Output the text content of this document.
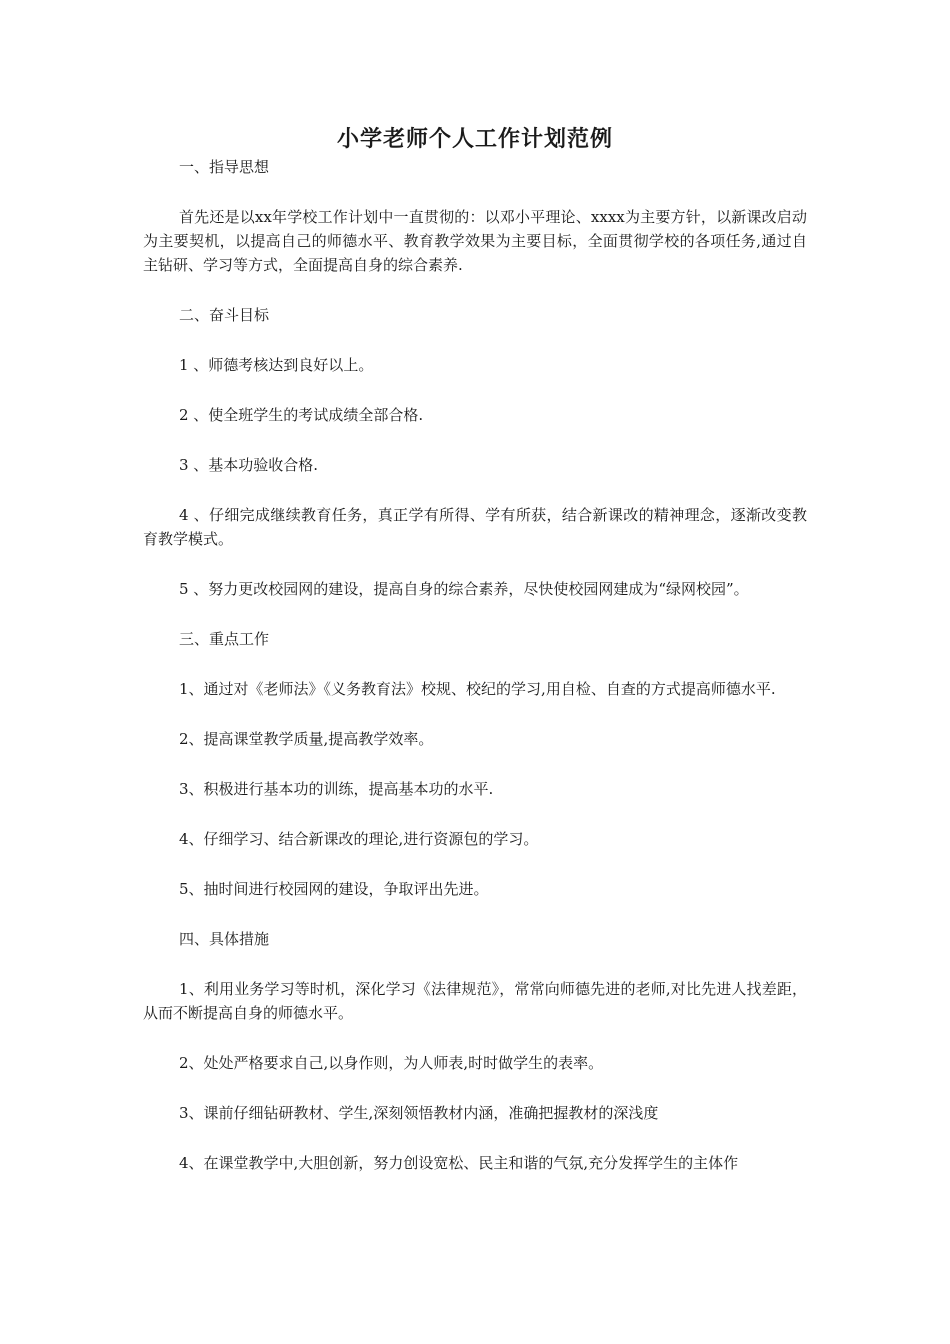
小学老师个人工作计划范例

一、指导思想

首先还是以xx年学校工作计划中一直贯彻的：以邓小平理论、xxxx为主要方针，以新课改启动为主要契机，以提高自己的师德水平、教育教学效果为主要目标，全面贯彻学校的各项任务,通过自主钻研、学习等方式，全面提高自身的综合素养.

二、奋斗目标

1 、师德考核达到良好以上。

2 、使全班学生的考试成绩全部合格.

3 、基本功验收合格.

4 、仔细完成继续教育任务，真正学有所得、学有所获，结合新课改的精神理念，逐渐改变教育教学模式。

5 、努力更改校园网的建设，提高自身的综合素养，尽快使校园网建成为“绿网校园”。

三、重点工作

1、通过对《老师法》《义务教育法》校规、校纪的学习,用自检、自查的方式提高师德水平.

2、提高课堂教学质量,提高教学效率。

3、积极进行基本功的训练，提高基本功的水平.

4、仔细学习、结合新课改的理论,进行资源包的学习。

5、抽时间进行校园网的建设，争取评出先进。

四、具体措施

1、利用业务学习等时机，深化学习《法律规范》，常常向师德先进的老师,对比先进人找差距，从而不断提高自身的师德水平。

2、处处严格要求自己,以身作则，为人师表,时时做学生的表率。

3、课前仔细钻研教材、学生,深刻领悟教材内涵，准确把握教材的深浅度

4、在课堂教学中,大胆创新，努力创设宽松、民主和谐的气氛,充分发挥学生的主体作
